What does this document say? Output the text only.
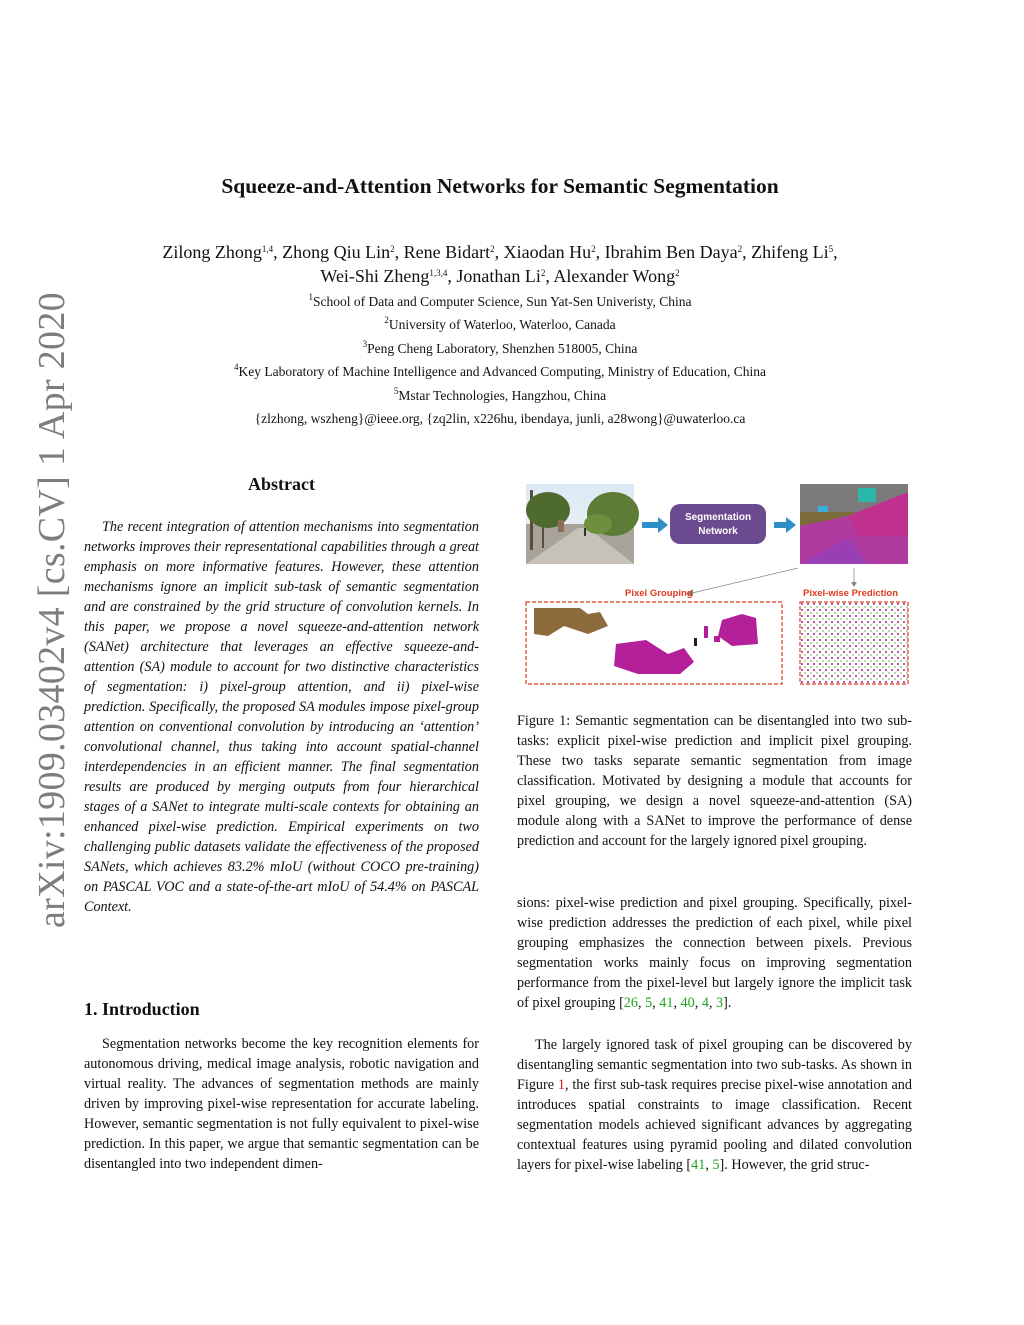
arXiv:1909.03402v4 [cs.CV] 1 Apr 2020
Squeeze-and-Attention Networks for Semantic Segmentation
Zilong Zhong$^{1,4}$, Zhong Qiu Lin$^2$, Rene Bidart$^2$, Xiaodan Hu$^2$, Ibrahim Ben Daya$^2$, Zhifeng Li$^5$,
Wei-Shi Zheng$^{1,3,4}$, Jonathan Li$^2$, Alexander Wong$^2$
$^1$School of Data and Computer Science, Sun Yat-Sen Univeristy, China
$^2$University of Waterloo, Waterloo, Canada
$^3$Peng Cheng Laboratory, Shenzhen 518005, China
$^4$Key Laboratory of Machine Intelligence and Advanced Computing, Ministry of Education, China
$^5$Mstar Technologies, Hangzhou, China
{zlzhong, wszheng}@ieee.org, {zq2lin, x226hu, ibendaya, junli, a28wong}@uwaterloo.ca
Abstract
The recent integration of attention mechanisms into segmentation networks improves their representational capabilities through a great emphasis on more informative features. However, these attention mechanisms ignore an implicit sub-task of semantic segmentation and are constrained by the grid structure of convolution kernels. In this paper, we propose a novel squeeze-and-attention network (SANet) architecture that leverages an effective squeeze-and-attention (SA) module to account for two distinctive characteristics of segmentation: i) pixel-group attention, and ii) pixel-wise prediction. Specifically, the proposed SA modules impose pixel-group attention on conventional convolution by introducing an ‘attention’ convolutional channel, thus taking into account spatial-channel interdependencies in an efficient manner. The final segmentation results are produced by merging outputs from four hierarchical stages of a SANet to integrate multi-scale contexts for obtaining an enhanced pixel-wise prediction. Empirical experiments on two challenging public datasets validate the effectiveness of the proposed SANets, which achieves 83.2% mIoU (without COCO pre-training) on PASCAL VOC and a state-of-the-art mIoU of 54.4% on PASCAL Context.
1. Introduction
Segmentation networks become the key recognition elements for autonomous driving, medical image analysis, robotic navigation and virtual reality. The advances of segmentation methods are mainly driven by improving pixel-wise representation for accurate labeling. However, semantic segmentation is not fully equivalent to pixel-wise prediction. In this paper, we argue that semantic segmentation can be disentangled into two independent dimen-
Segmentation
Network
Pixel Grouping	Pixel-wise Prediction
Figure 1: Semantic segmentation can be disentangled into two sub-tasks: explicit pixel-wise prediction and implicit pixel grouping. These two tasks separate semantic segmentation from image classification. Motivated by designing a module that accounts for pixel grouping, we design a novel squeeze-and-attention (SA) module along with a SANet to improve the performance of dense prediction and account for the largely ignored pixel grouping.
sions: pixel-wise prediction and pixel grouping. Specifically, pixel-wise prediction addresses the prediction of each pixel, while pixel grouping emphasizes the connection between pixels. Previous segmentation works mainly focus on improving segmentation performance from the pixel-level but largely ignore the implicit task of pixel grouping [26, 5, 41, 40, 4, 3].
The largely ignored task of pixel grouping can be discovered by disentangling semantic segmentation into two sub-tasks. As shown in Figure 1, the first sub-task requires precise pixel-wise annotation and introduces spatial constraints to image classification. Recent segmentation models achieved significant advances by aggregating contextual features using pyramid pooling and dilated convolution layers for pixel-wise labeling [41, 5]. However, the grid struc-
